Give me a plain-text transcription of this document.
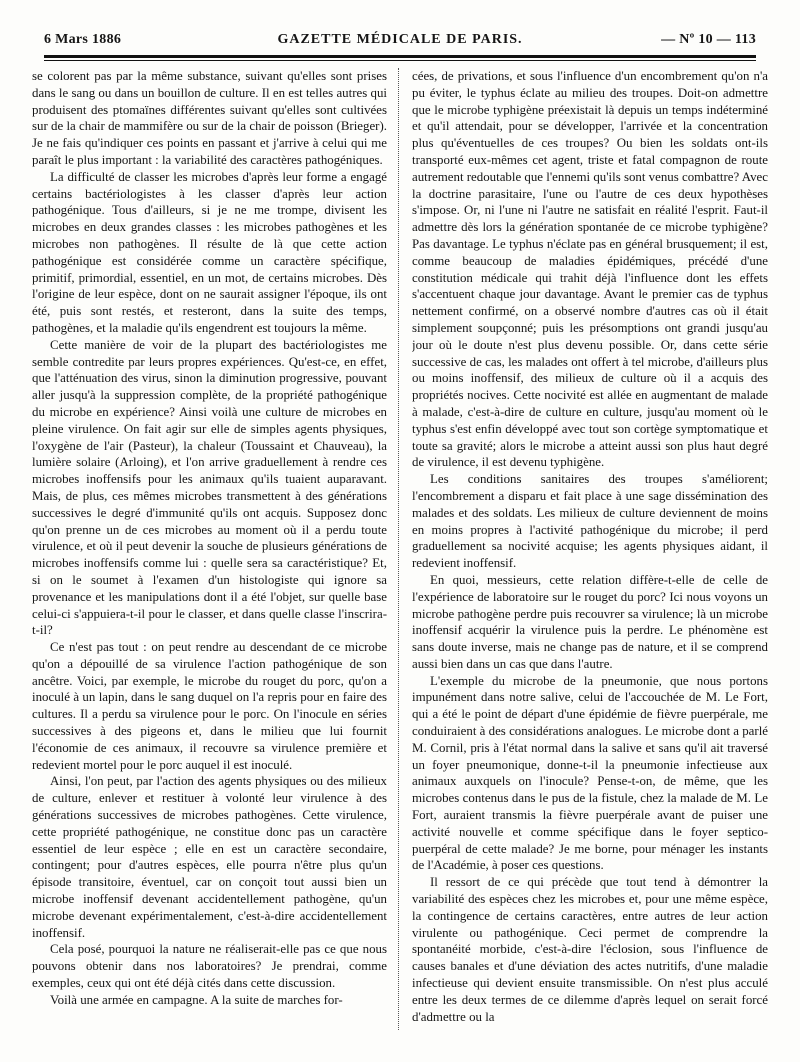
6 Mars 1886	GAZETTE MÉDICALE DE PARIS.	— Nº 10 — 113

se colorent pas par la même substance, suivant qu'elles sont prises dans le sang ou dans un bouillon de culture. Il en est telles autres qui produisent des ptomaïnes différentes suivant qu'elles sont cultivées sur de la chair de mammifère ou sur de la chair de poisson (Brieger). Je ne fais qu'indiquer ces points en passant et j'arrive à celui qui me paraît le plus important : la variabilité des caractères pathogéniques.

La difficulté de classer les microbes d'après leur forme a engagé certains bactériologistes à les classer d'après leur action pathogénique. Tous d'ailleurs, si je ne me trompe, divisent les microbes en deux grandes classes : les microbes pathogènes et les microbes non pathogènes. Il résulte de là que cette action pathogénique est considérée comme un caractère spécifique, primitif, primordial, essentiel, en un mot, de certains microbes. Dès l'origine de leur espèce, dont on ne saurait assigner l'époque, ils ont été, puis sont restés, et resteront, dans la suite des temps, pathogènes, et la maladie qu'ils engendrent est toujours la même.

Cette manière de voir de la plupart des bactériologistes me semble contredite par leurs propres expériences. Qu'est-ce, en effet, que l'atténuation des virus, sinon la diminution progressive, pouvant aller jusqu'à la suppression complète, de la propriété pathogénique du microbe en expérience? Ainsi voilà une culture de microbes en pleine virulence. On fait agir sur elle de simples agents physiques, l'oxygène de l'air (Pasteur), la chaleur (Toussaint et Chauveau), la lumière solaire (Arloing), et l'on arrive graduellement à rendre ces microbes inoffensifs pour les animaux qu'ils tuaient auparavant. Mais, de plus, ces mêmes microbes transmettent à des générations successives le degré d'immunité qu'ils ont acquis. Supposez donc qu'on prenne un de ces microbes au moment où il a perdu toute virulence, et où il peut devenir la souche de plusieurs générations de microbes inoffensifs comme lui : quelle sera sa caractéristique? Et, si on le soumet à l'examen d'un histologiste qui ignore sa provenance et les manipulations dont il a été l'objet, sur quelle base celui-ci s'appuiera-t-il pour le classer, et dans quelle classe l'inscrira-t-il?

Ce n'est pas tout : on peut rendre au descendant de ce microbe qu'on a dépouillé de sa virulence l'action pathogénique de son ancêtre. Voici, par exemple, le microbe du rouget du porc, qu'on a inoculé à un lapin, dans le sang duquel on l'a repris pour en faire des cultures. Il a perdu sa virulence pour le porc. On l'inocule en séries successives à des pigeons et, dans le milieu que lui fournit l'économie de ces animaux, il recouvre sa virulence première et redevient mortel pour le porc auquel il est inoculé.

Ainsi, l'on peut, par l'action des agents physiques ou des milieux de culture, enlever et restituer à volonté leur virulence à des générations successives de microbes pathogènes. Cette virulence, cette propriété pathogénique, ne constitue donc pas un caractère essentiel de leur espèce ; elle en est un caractère secondaire, contingent; pour d'autres espèces, elle pourra n'être plus qu'un épisode transitoire, éventuel, car on conçoit tout aussi bien un microbe inoffensif devenant accidentellement pathogène, qu'un microbe devenant expérimentalement, c'est-à-dire accidentellement inoffensif.

Cela posé, pourquoi la nature ne réaliserait-elle pas ce que nous pouvons obtenir dans nos laboratoires? Je prendrai, comme exemples, ceux qui ont été déjà cités dans cette discussion.

Voilà une armée en campagne. A la suite de marches for-

cées, de privations, et sous l'influence d'un encombrement qu'on n'a pu éviter, le typhus éclate au milieu des troupes. Doit-on admettre que le microbe typhigène préexistait là depuis un temps indéterminé et qu'il attendait, pour se développer, l'arrivée et la concentration plus qu'éventuelles de ces troupes? Ou bien les soldats ont-ils transporté eux-mêmes cet agent, triste et fatal compagnon de route autrement redoutable que l'ennemi qu'ils sont venus combattre? Avec la doctrine parasitaire, l'une ou l'autre de ces deux hypothèses s'impose. Or, ni l'une ni l'autre ne satisfait en réalité l'esprit. Faut-il admettre dès lors la génération spontanée de ce microbe typhigène? Pas davantage. Le typhus n'éclate pas en général brusquement; il est, comme beaucoup de maladies épidémiques, précédé d'une constitution médicale qui trahit déjà l'influence dont les effets s'accentuent chaque jour davantage. Avant le premier cas de typhus nettement confirmé, on a observé nombre d'autres cas où il était simplement soupçonné; puis les présomptions ont grandi jusqu'au jour où le doute n'est plus devenu possible. Or, dans cette série successive de cas, les malades ont offert à tel microbe, d'ailleurs plus ou moins inoffensif, des milieux de culture où il a acquis des propriétés nocives. Cette nocivité est allée en augmentant de malade à malade, c'est-à-dire de culture en culture, jusqu'au moment où le typhus s'est enfin développé avec tout son cortège symptomatique et toute sa gravité; alors le microbe a atteint aussi son plus haut degré de virulence, il est devenu typhigène.

Les conditions sanitaires des troupes s'améliorent; l'encombrement a disparu et fait place à une sage dissémination des malades et des soldats. Les milieux de culture deviennent de moins en moins propres à l'activité pathogénique du microbe; il perd graduellement sa nocivité acquise; les agents physiques aidant, il redevient inoffensif.

En quoi, messieurs, cette relation diffère-t-elle de celle de l'expérience de laboratoire sur le rouget du porc? Ici nous voyons un microbe pathogène perdre puis recouvrer sa virulence; là un microbe inoffensif acquérir la virulence puis la perdre. Le phénomène est sans doute inverse, mais ne change pas de nature, et il se comprend aussi bien dans un cas que dans l'autre.

L'exemple du microbe de la pneumonie, que nous portons impunément dans notre salive, celui de l'accouchée de M. Le Fort, qui a été le point de départ d'une épidémie de fièvre puerpérale, me conduiraient à des considérations analogues. Le microbe dont a parlé M. Cornil, pris à l'état normal dans la salive et sans qu'il ait traversé un foyer pneumonique, donne-t-il la pneumonie infectieuse aux animaux auxquels on l'inocule? Pense-t-on, de même, que les microbes contenus dans le pus de la fistule, chez la malade de M. Le Fort, auraient transmis la fièvre puerpérale avant de puiser une activité nouvelle et comme spécifique dans le foyer septico-puerpéral de cette malade? Je me borne, pour ménager les instants de l'Académie, à poser ces questions.

Il ressort de ce qui précède que tout tend à démontrer la variabilité des espèces chez les microbes et, pour une même espèce, la contingence de certains caractères, entre autres de leur action virulente ou pathogénique. Ceci permet de comprendre la spontanéité morbide, c'est-à-dire l'éclosion, sous l'influence de causes banales et d'une déviation des actes nutritifs, d'une maladie infectieuse qui devient ensuite transmissible. On n'est plus acculé entre les deux termes de ce dilemme d'après lequel on serait forcé d'admettre ou la
